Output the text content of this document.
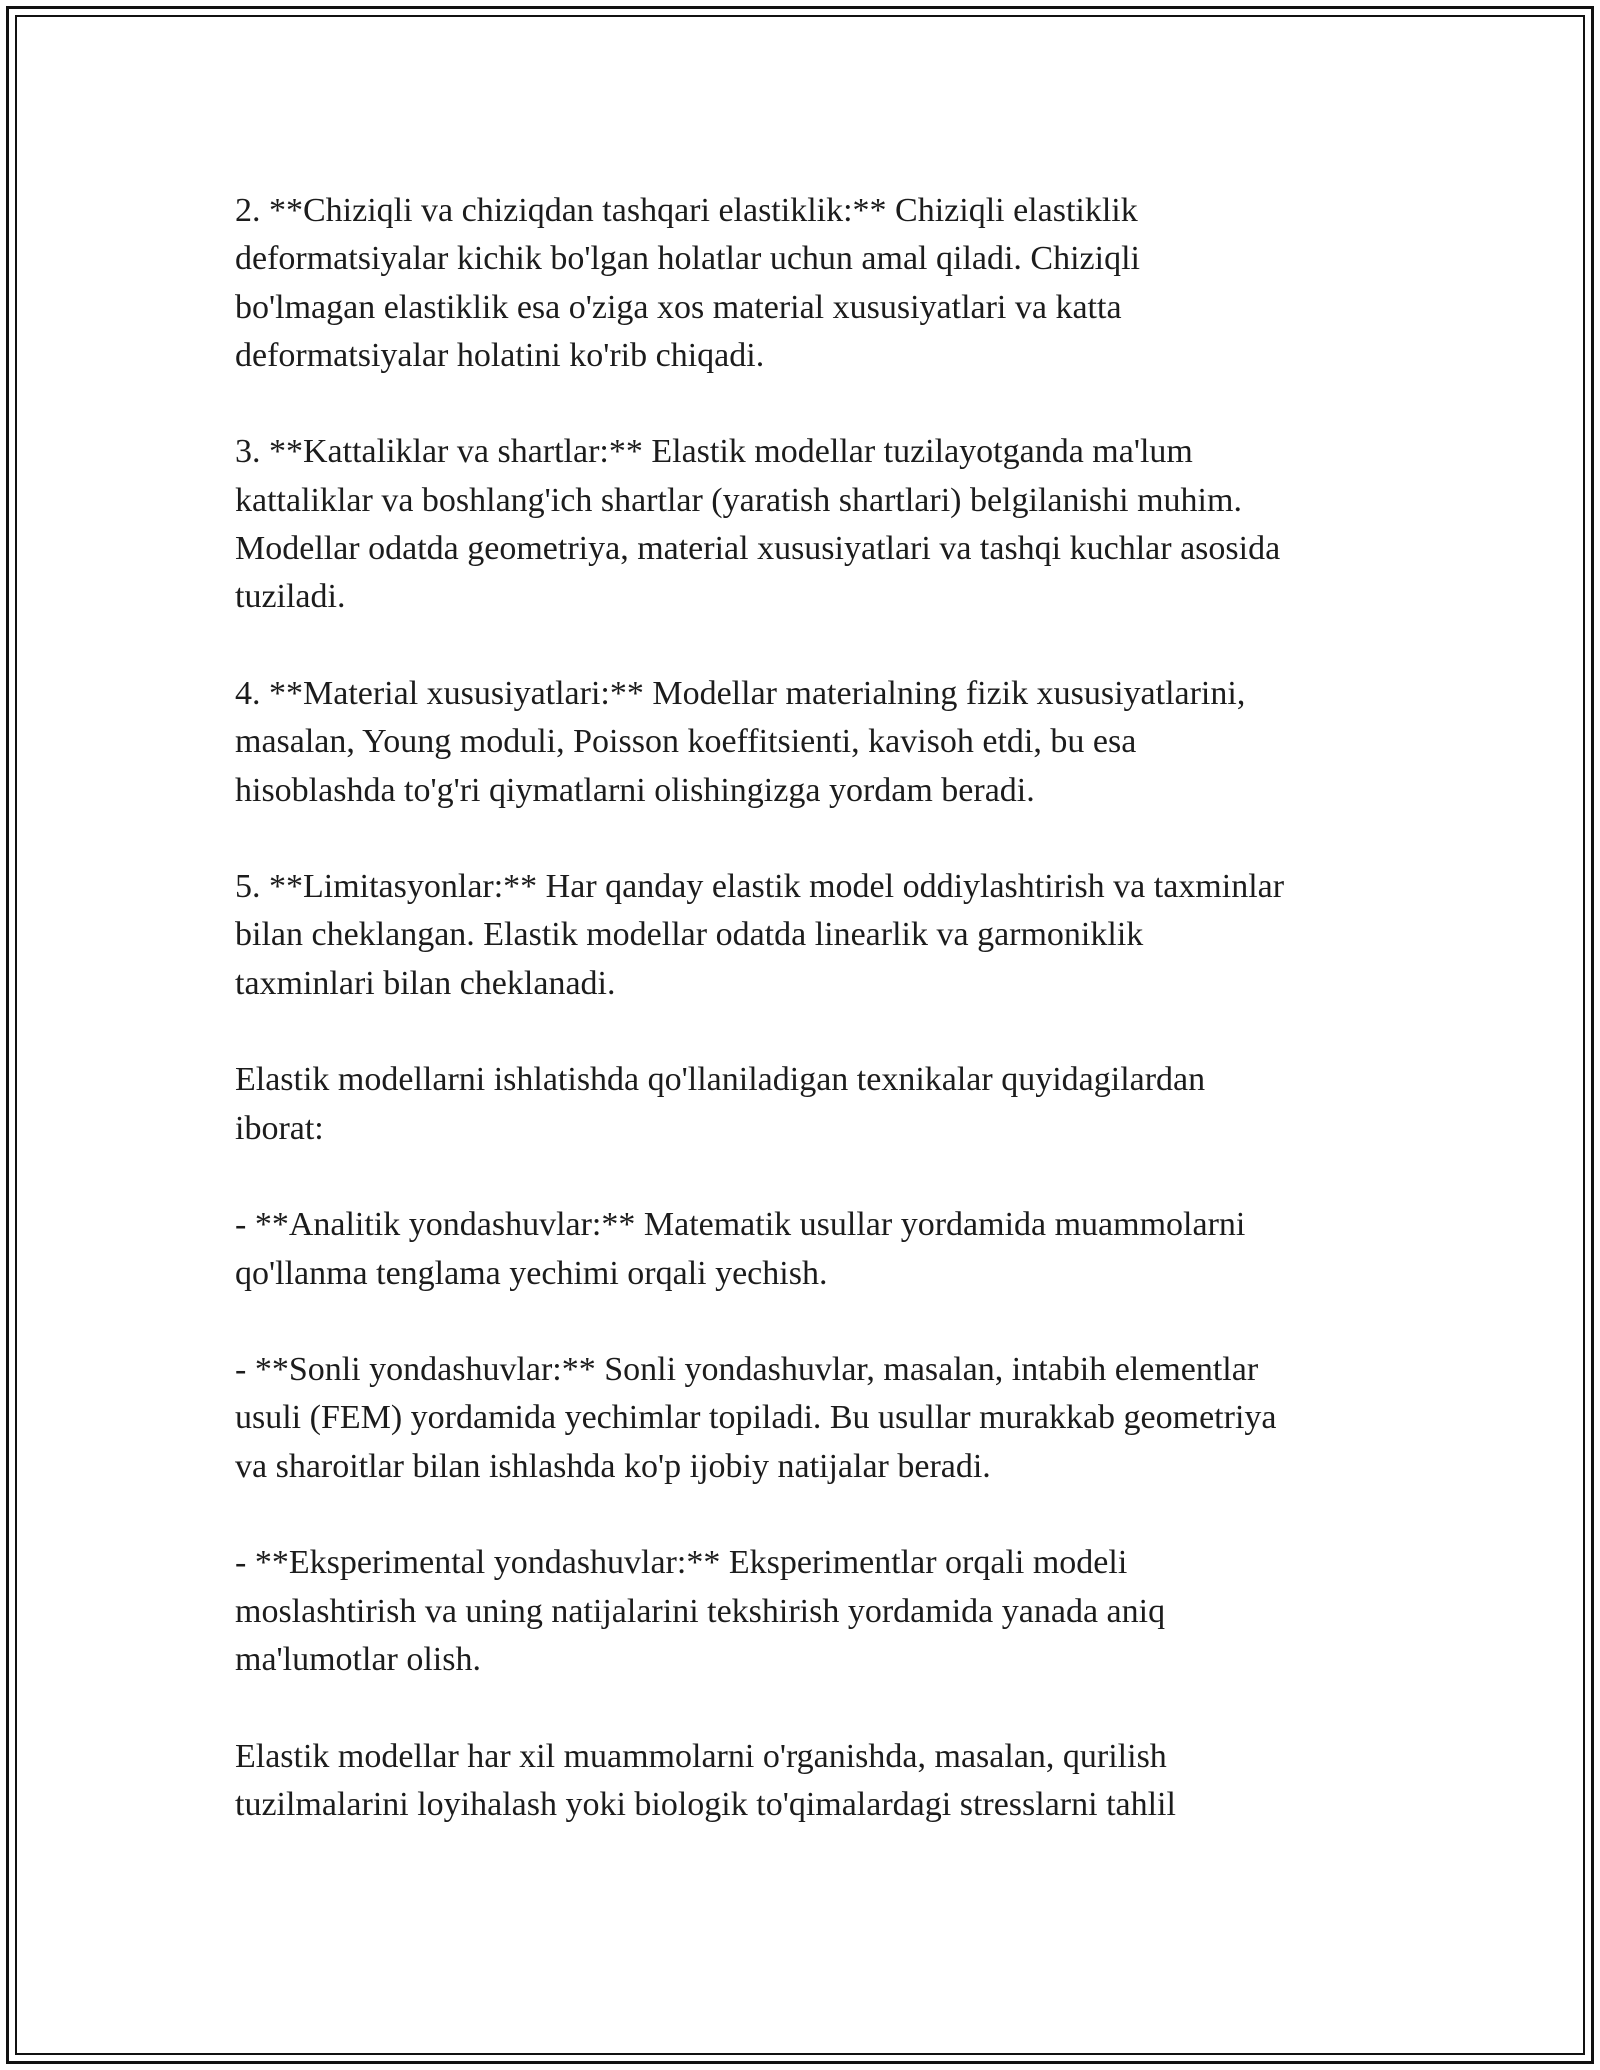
2. **Chiziqli va chiziqdan tashqari elastiklik:** Chiziqli elastiklik
deformatsiyalar kichik bo'lgan holatlar uchun amal qiladi. Chiziqli
bo'lmagan elastiklik esa o'ziga xos material xususiyatlari va katta
deformatsiyalar holatini ko'rib chiqadi.

3. **Kattaliklar va shartlar:** Elastik modellar tuzilayotganda ma'lum
kattaliklar va boshlang'ich shartlar (yaratish shartlari) belgilanishi muhim.
Modellar odatda geometriya, material xususiyatlari va tashqi kuchlar asosida
tuziladi.

4. **Material xususiyatlari:** Modellar materialning fizik xususiyatlarini,
masalan, Young moduli, Poisson koeffitsienti, kavisoh etdi, bu esa
hisoblashda to'g'ri qiymatlarni olishingizga yordam beradi.

5. **Limitasyonlar:** Har qanday elastik model oddiylashtirish va taxminlar
bilan cheklangan. Elastik modellar odatda linearlik va garmoniklik
taxminlari bilan cheklanadi.

Elastik modellarni ishlatishda qo'llaniladigan texnikalar quyidagilardan
iborat:

- **Analitik yondashuvlar:** Matematik usullar yordamida muammolarni
qo'llanma tenglama yechimi orqali yechish.

- **Sonli yondashuvlar:** Sonli yondashuvlar, masalan, intabih elementlar
usuli (FEM) yordamida yechimlar topiladi. Bu usullar murakkab geometriya
va sharoitlar bilan ishlashda ko'p ijobiy natijalar beradi.

- **Eksperimental yondashuvlar:** Eksperimentlar orqali modeli
moslashtirish va uning natijalarini tekshirish yordamida yanada aniq
ma'lumotlar olish.

Elastik modellar har xil muammolarni o'rganishda, masalan, qurilish
tuzilmalarini loyihalash yoki biologik to'qimalardagi stresslarni tahlil
